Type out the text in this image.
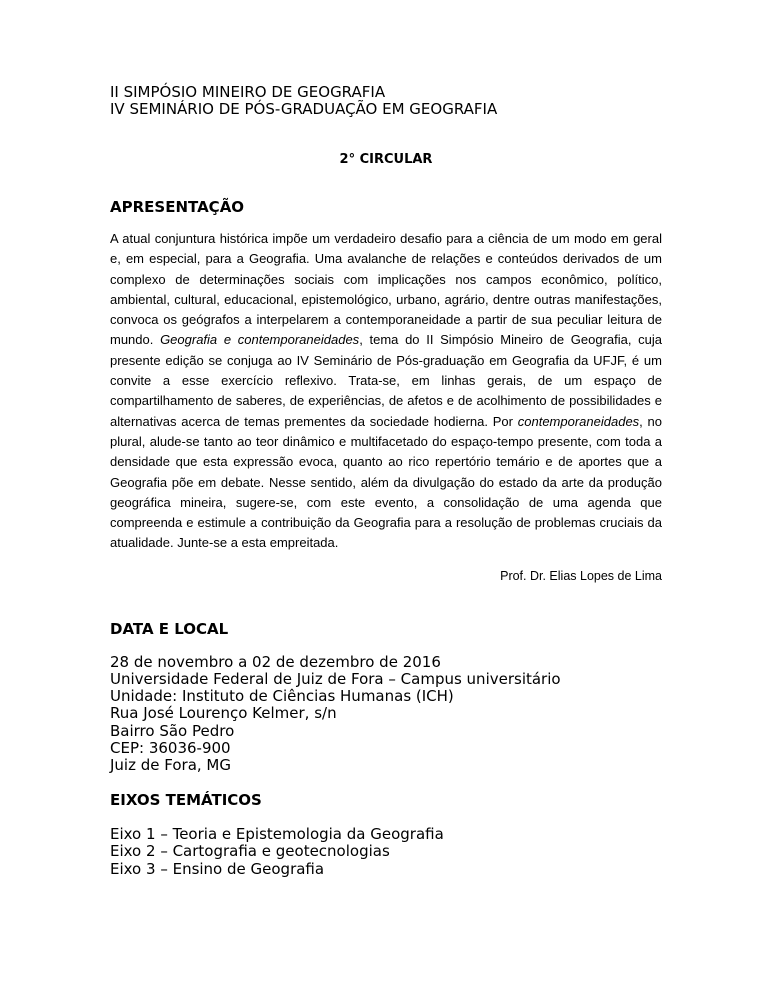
II SIMPÓSIO MINEIRO DE GEOGRAFIA

IV SEMINÁRIO DE PÓS-GRADUAÇÃO EM GEOGRAFIA

2° CIRCULAR

APRESENTAÇÃO

A atual conjuntura histórica impõe um verdadeiro desafio para a ciência de um modo em geral e, em especial, para a Geografia. Uma avalanche de relações e conteúdos derivados de um complexo de determinações sociais com implicações nos campos econômico, político, ambiental, cultural, educacional, epistemológico, urbano, agrário, dentre outras manifestações, convoca os geógrafos a interpelarem a contemporaneidade a partir de sua peculiar leitura de mundo. Geografia e contemporaneidades, tema do II Simpósio Mineiro de Geografia, cuja presente edição se conjuga ao IV Seminário de Pós-graduação em Geografia da UFJF, é um convite a esse exercício reflexivo. Trata-se, em linhas gerais, de um espaço de compartilhamento de saberes, de experiências, de afetos e de acolhimento de possibilidades e alternativas acerca de temas prementes da sociedade hodierna. Por contemporaneidades, no plural, alude-se tanto ao teor dinâmico e multifacetado do espaço-tempo presente, com toda a densidade que esta expressão evoca, quanto ao rico repertório temário e de aportes que a Geografia põe em debate. Nesse sentido, além da divulgação do estado da arte da produção geográfica mineira, sugere-se, com este evento, a consolidação de uma agenda que compreenda e estimule a contribuição da Geografia para a resolução de problemas cruciais da atualidade. Junte-se a esta empreitada.

Prof. Dr. Elias Lopes de Lima

DATA E LOCAL

28 de novembro a 02 de dezembro de 2016

Universidade Federal de Juiz de Fora – Campus universitário

Unidade: Instituto de Ciências Humanas (ICH)

Rua José Lourenço Kelmer, s/n

Bairro São Pedro

CEP: 36036-900

Juiz de Fora, MG

EIXOS TEMÁTICOS

Eixo 1 – Teoria e Epistemologia da Geografia

Eixo 2 – Cartografia e geotecnologias

Eixo 3 – Ensino de Geografia
